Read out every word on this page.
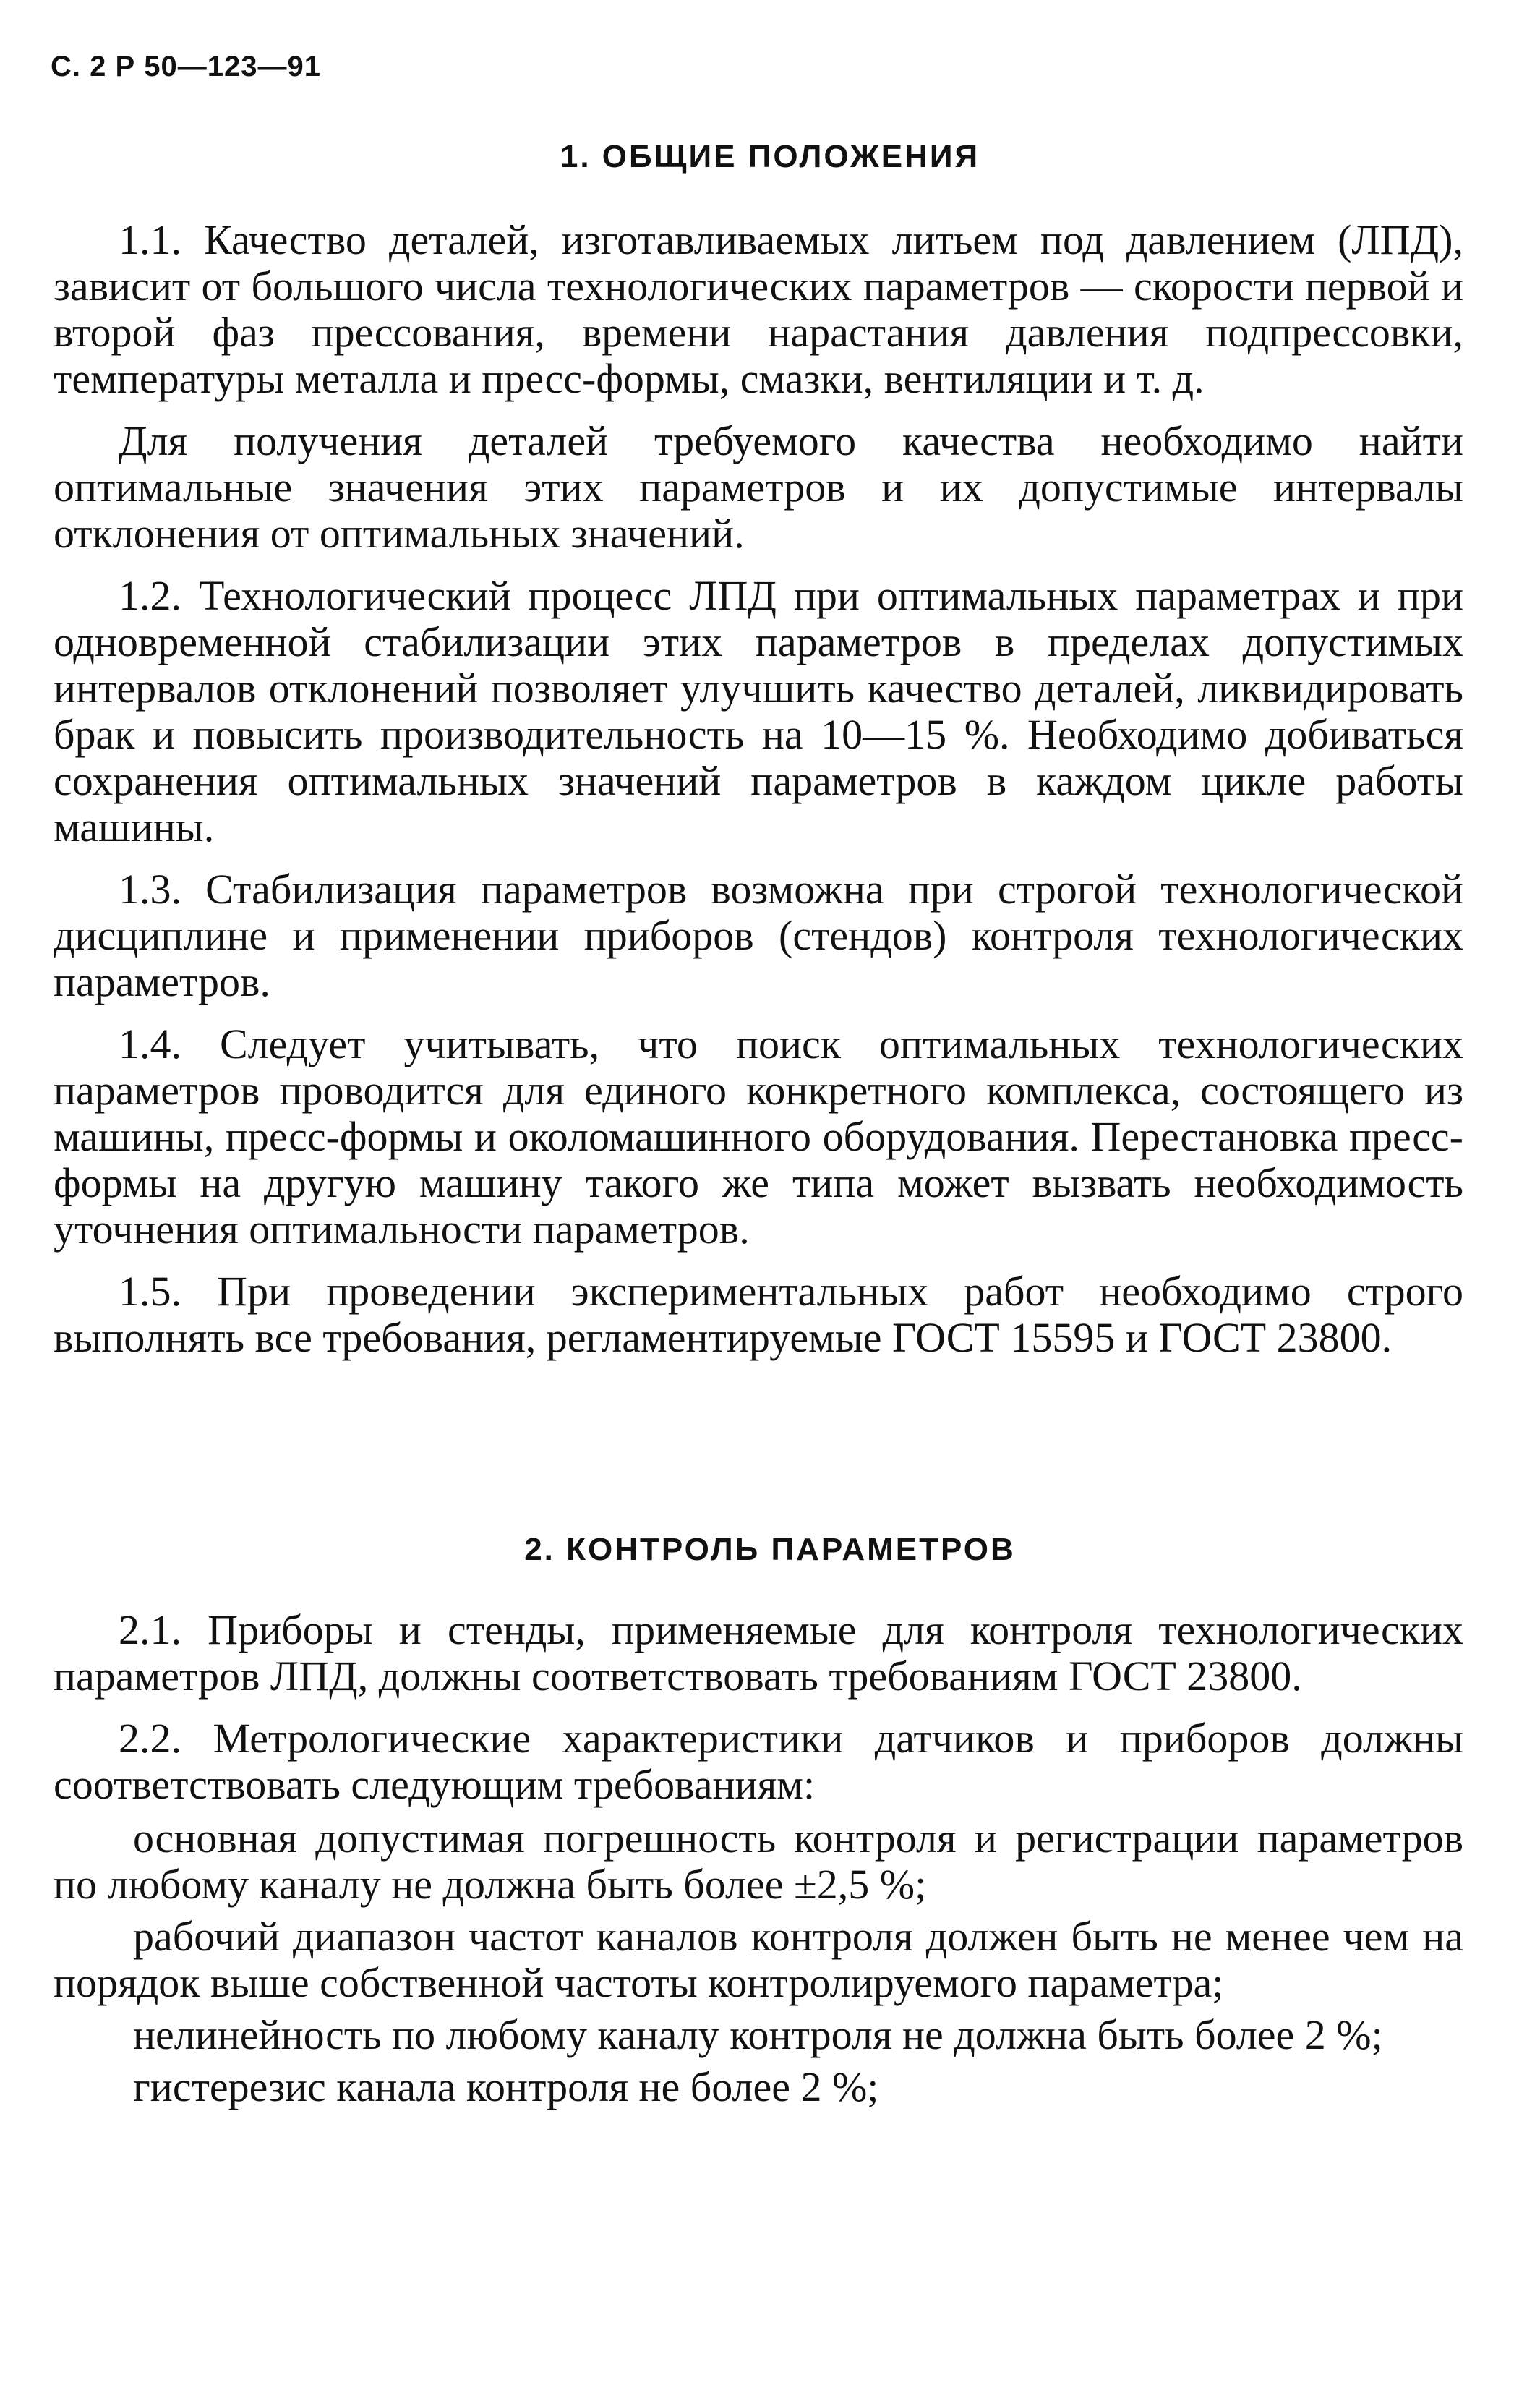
С. 2 Р 50—123—91
1. ОБЩИЕ ПОЛОЖЕНИЯ

1.1. Качество деталей, изготавливаемых литьем под давлением (ЛПД), зависит от большого числа технологических параметров — скорости первой и второй фаз прессования, времени нарастания давления подпрессовки, температуры металла и пресс-формы, смазки, вентиляции и т. д.

Для получения деталей требуемого качества необходимо найти оптимальные значения этих параметров и их допустимые интервалы отклонения от оптимальных значений.

1.2. Технологический процесс ЛПД при оптимальных параметрах и при одновременной стабилизации этих параметров в пределах допустимых интервалов отклонений позволяет улучшить качество деталей, ликвидировать брак и повысить производительность на 10—15 %. Необходимо добиваться сохранения оптимальных значений параметров в каждом цикле работы машины.

1.3. Стабилизация параметров возможна при строгой технологической дисциплине и применении приборов (стендов) контроля технологических параметров.

1.4. Следует учитывать, что поиск оптимальных технологических параметров проводится для единого конкретного комплекса, состоящего из машины, пресс-формы и околомашинного оборудования. Перестановка пресс-формы на другую машину такого же типа может вызвать необходимость уточнения оптимальности параметров.

1.5. При проведении экспериментальных работ необходимо строго выполнять все требования, регламентируемые ГОСТ 15595 и ГОСТ 23800.

2. КОНТРОЛЬ ПАРАМЕТРОВ

2.1. Приборы и стенды, применяемые для контроля технологических параметров ЛПД, должны соответствовать требованиям ГОСТ 23800.

2.2. Метрологические характеристики датчиков и приборов должны соответствовать следующим требованиям:

основная допустимая погрешность контроля и регистрации параметров по любому каналу не должна быть более ±2,5 %;

рабочий диапазон частот каналов контроля должен быть не менее чем на порядок выше собственной частоты контролируемого параметра;

нелинейность по любому каналу контроля не должна быть более 2 %;

гистерезис канала контроля не более 2 %;
